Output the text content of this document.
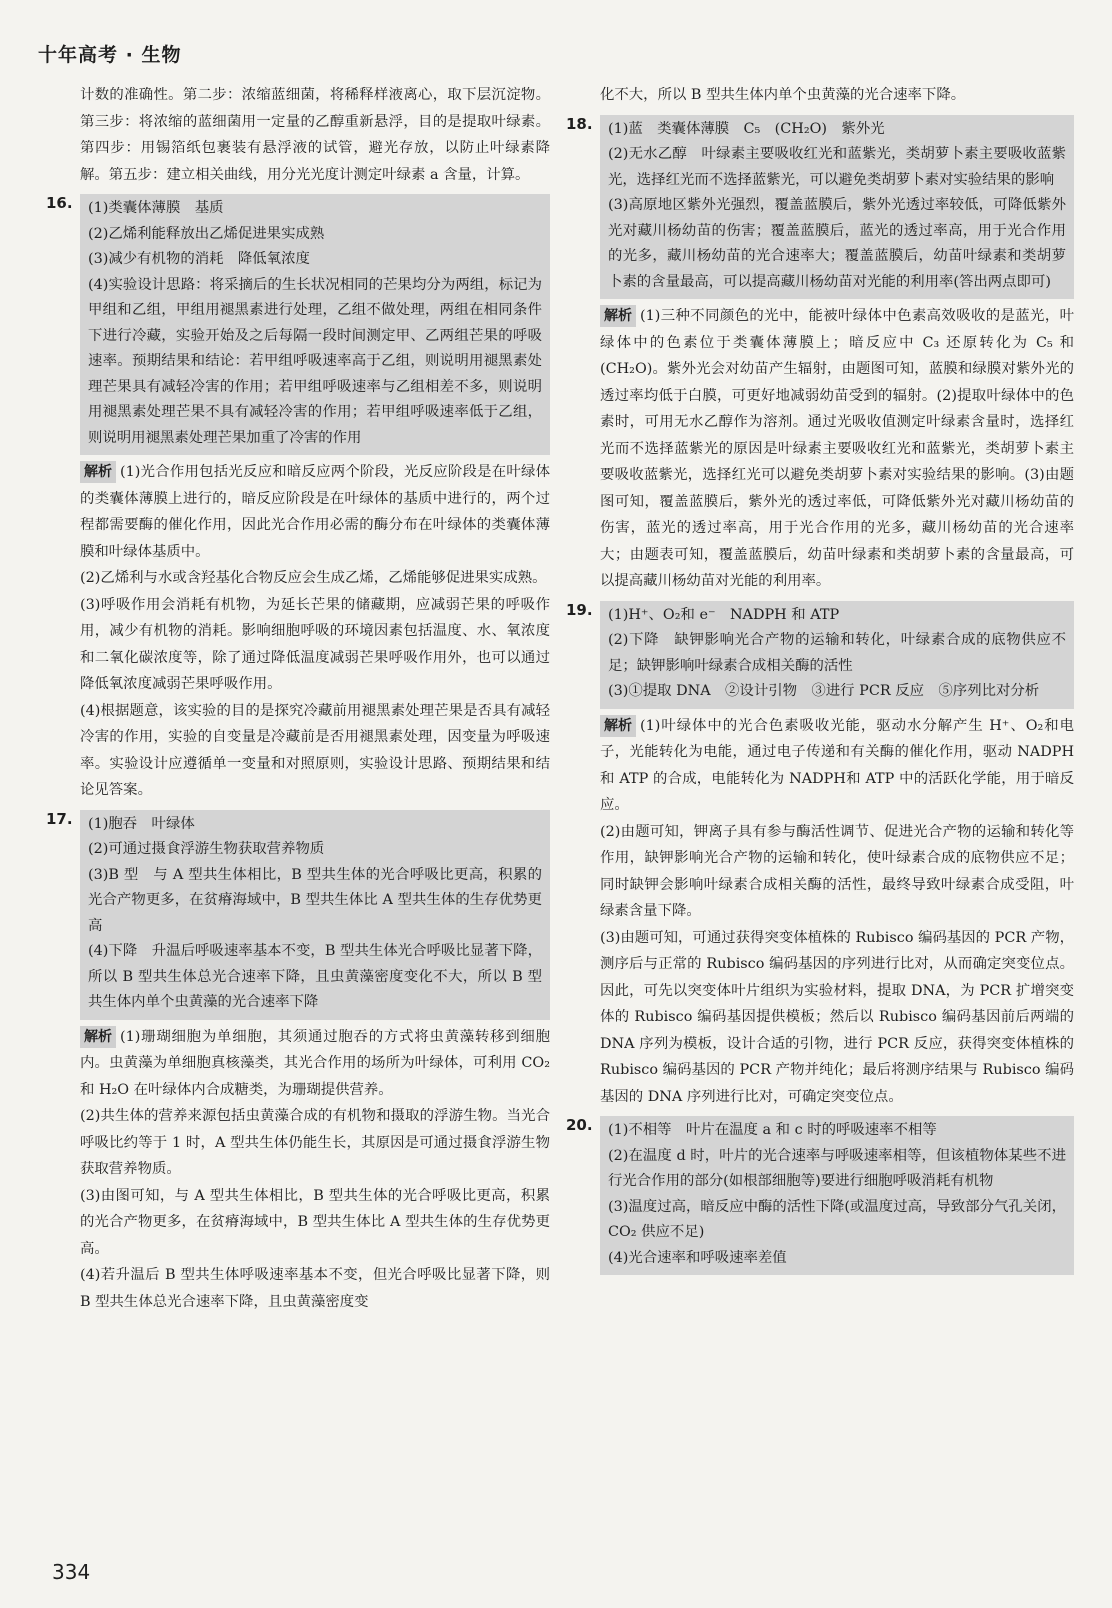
十年高考 · 生物

计数的准确性。第二步：浓缩蓝细菌，将稀释样液离心，取下层沉淀物。第三步：将浓缩的蓝细菌用一定量的乙醇重新悬浮，目的是提取叶绿素。第四步：用锡箔纸包裹装有悬浮液的试管，避光存放，以防止叶绿素降解。第五步：建立相关曲线，用分光光度计测定叶绿素 a 含量，计算。

16. (1)类囊体薄膜　基质

(2)乙烯利能释放出乙烯促进果实成熟

(3)减少有机物的消耗　降低氧浓度

(4)实验设计思路：将采摘后的生长状况相同的芒果均分为两组，标记为甲组和乙组，甲组用褪黑素进行处理，乙组不做处理，两组在相同条件下进行冷藏，实验开始及之后每隔一段时间测定甲、乙两组芒果的呼吸速率。预期结果和结论：若甲组呼吸速率高于乙组，则说明用褪黑素处理芒果具有减轻冷害的作用；若甲组呼吸速率与乙组相差不多，则说明用褪黑素处理芒果不具有减轻冷害的作用；若甲组呼吸速率低于乙组，则说明用褪黑素处理芒果加重了冷害的作用

解析 (1)光合作用包括光反应和暗反应两个阶段，光反应阶段是在叶绿体的类囊体薄膜上进行的，暗反应阶段是在叶绿体的基质中进行的，两个过程都需要酶的催化作用，因此光合作用必需的酶分布在叶绿体的类囊体薄膜和叶绿体基质中。

(2)乙烯利与水或含羟基化合物反应会生成乙烯，乙烯能够促进果实成熟。

(3)呼吸作用会消耗有机物，为延长芒果的储藏期，应减弱芒果的呼吸作用，减少有机物的消耗。影响细胞呼吸的环境因素包括温度、水、氧浓度和二氧化碳浓度等，除了通过降低温度减弱芒果呼吸作用外，也可以通过降低氧浓度减弱芒果呼吸作用。

(4)根据题意，该实验的目的是探究冷藏前用褪黑素处理芒果是否具有减轻冷害的作用，实验的自变量是冷藏前是否用褪黑素处理，因变量为呼吸速率。实验设计应遵循单一变量和对照原则，实验设计思路、预期结果和结论见答案。

17. (1)胞吞　叶绿体

(2)可通过摄食浮游生物获取营养物质

(3)B 型　与 A 型共生体相比，B 型共生体的光合呼吸比更高，积累的光合产物更多，在贫瘠海域中，B 型共生体比 A 型共生体的生存优势更高

(4)下降　升温后呼吸速率基本不变，B 型共生体光合呼吸比显著下降，所以 B 型共生体总光合速率下降，且虫黄藻密度变化不大，所以 B 型共生体内单个虫黄藻的光合速率下降

解析 (1)珊瑚细胞为单细胞，其须通过胞吞的方式将虫黄藻转移到细胞内。虫黄藻为单细胞真核藻类，其光合作用的场所为叶绿体，可利用 CO₂ 和 H₂O 在叶绿体内合成糖类，为珊瑚提供营养。

(2)共生体的营养来源包括虫黄藻合成的有机物和摄取的浮游生物。当光合呼吸比约等于 1 时，A 型共生体仍能生长，其原因是可通过摄食浮游生物获取营养物质。

(3)由图可知，与 A 型共生体相比，B 型共生体的光合呼吸比更高，积累的光合产物更多，在贫瘠海域中，B 型共生体比 A 型共生体的生存优势更高。

(4)若升温后 B 型共生体呼吸速率基本不变，但光合呼吸比显著下降，则 B 型共生体总光合速率下降，且虫黄藻密度变

化不大，所以 B 型共生体内单个虫黄藻的光合速率下降。

18. (1)蓝　类囊体薄膜　C₅　(CH₂O)　紫外光

(2)无水乙醇　叶绿素主要吸收红光和蓝紫光，类胡萝卜素主要吸收蓝紫光，选择红光而不选择蓝紫光，可以避免类胡萝卜素对实验结果的影响

(3)高原地区紫外光强烈，覆盖蓝膜后，紫外光透过率较低，可降低紫外光对藏川杨幼苗的伤害；覆盖蓝膜后，蓝光的透过率高，用于光合作用的光多，藏川杨幼苗的光合速率大；覆盖蓝膜后，幼苗叶绿素和类胡萝卜素的含量最高，可以提高藏川杨幼苗对光能的利用率(答出两点即可)

解析 (1)三种不同颜色的光中，能被叶绿体中色素高效吸收的是蓝光，叶绿体中的色素位于类囊体薄膜上；暗反应中 C₃ 还原转化为 C₅ 和(CH₂O)。紫外光会对幼苗产生辐射，由题图可知，蓝膜和绿膜对紫外光的透过率均低于白膜，可更好地减弱幼苗受到的辐射。(2)提取叶绿体中的色素时，可用无水乙醇作为溶剂。通过光吸收值测定叶绿素含量时，选择红光而不选择蓝紫光的原因是叶绿素主要吸收红光和蓝紫光，类胡萝卜素主要吸收蓝紫光，选择红光可以避免类胡萝卜素对实验结果的影响。(3)由题图可知，覆盖蓝膜后，紫外光的透过率低，可降低紫外光对藏川杨幼苗的伤害，蓝光的透过率高，用于光合作用的光多，藏川杨幼苗的光合速率大；由题表可知，覆盖蓝膜后，幼苗叶绿素和类胡萝卜素的含量最高，可以提高藏川杨幼苗对光能的利用率。

19. (1)H⁺、O₂和 e⁻　NADPH 和 ATP

(2)下降　缺钾影响光合产物的运输和转化，叶绿素合成的底物供应不足；缺钾影响叶绿素合成相关酶的活性

(3)①提取 DNA　②设计引物　③进行 PCR 反应　⑤序列比对分析

解析 (1)叶绿体中的光合色素吸收光能，驱动水分解产生 H⁺、O₂和电子，光能转化为电能，通过电子传递和有关酶的催化作用，驱动 NADPH 和 ATP 的合成，电能转化为 NADPH和 ATP 中的活跃化学能，用于暗反应。

(2)由题可知，钾离子具有参与酶活性调节、促进光合产物的运输和转化等作用，缺钾影响光合产物的运输和转化，使叶绿素合成的底物供应不足；同时缺钾会影响叶绿素合成相关酶的活性，最终导致叶绿素合成受阻，叶绿素含量下降。

(3)由题可知，可通过获得突变体植株的 Rubisco 编码基因的 PCR 产物，测序后与正常的 Rubisco 编码基因的序列进行比对，从而确定突变位点。因此，可先以突变体叶片组织为实验材料，提取 DNA，为 PCR 扩增突变体的 Rubisco 编码基因提供模板；然后以 Rubisco 编码基因前后两端的 DNA 序列为模板，设计合适的引物，进行 PCR 反应，获得突变体植株的 Rubisco 编码基因的 PCR 产物并纯化；最后将测序结果与 Rubisco 编码基因的 DNA 序列进行比对，可确定突变位点。

20. (1)不相等　叶片在温度 a 和 c 时的呼吸速率不相等

(2)在温度 d 时，叶片的光合速率与呼吸速率相等，但该植物体某些不进行光合作用的部分(如根部细胞等)要进行细胞呼吸消耗有机物

(3)温度过高，暗反应中酶的活性下降(或温度过高，导致部分气孔关闭，CO₂ 供应不足)

(4)光合速率和呼吸速率差值

334
